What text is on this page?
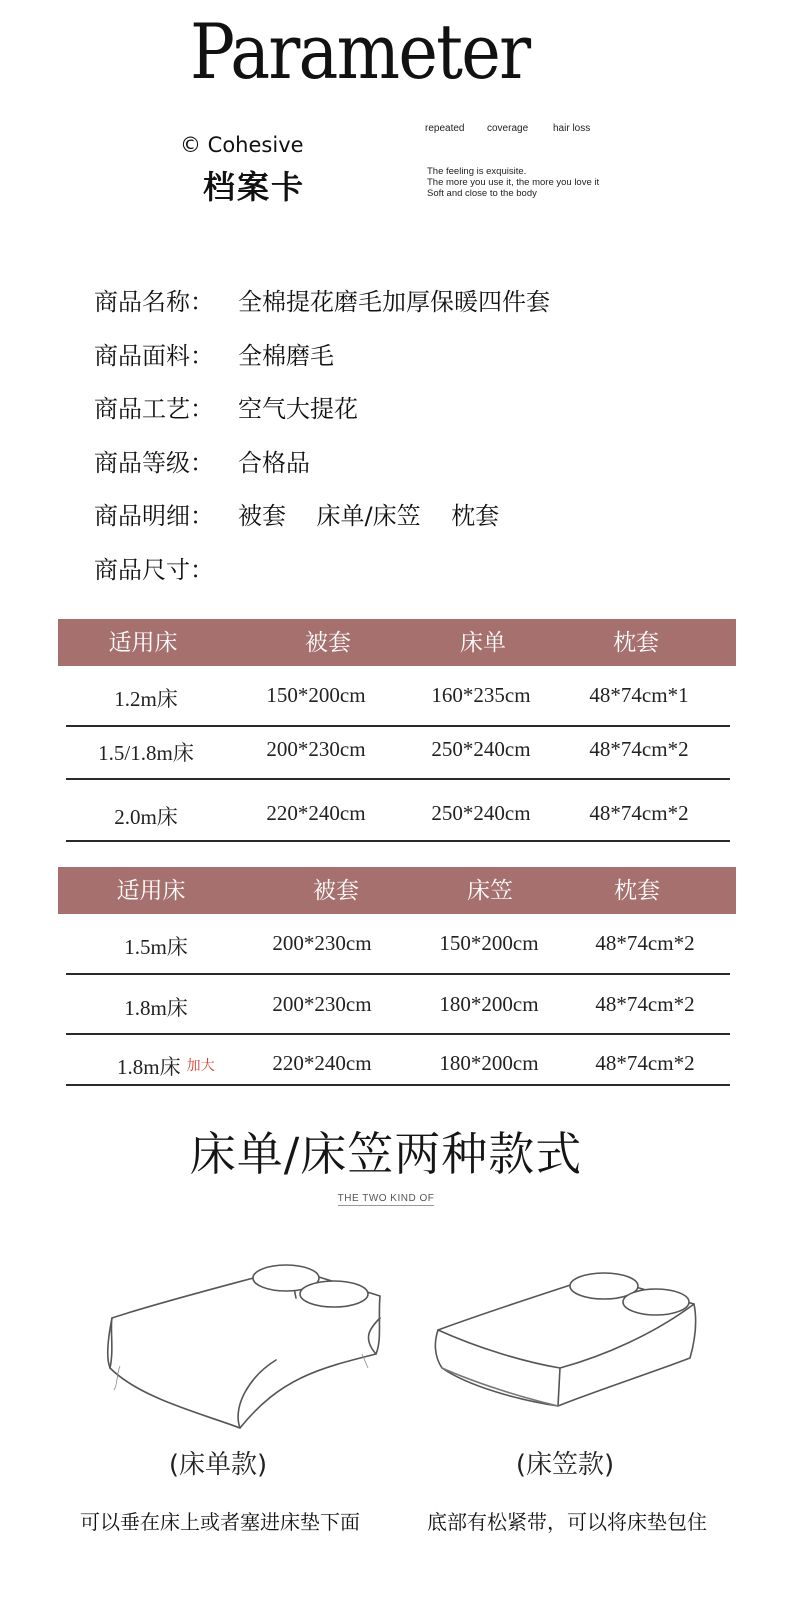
Parameter
© Cohesive
档案卡
repeated	coverage	hair loss
The feeling is exquisite.
The more you use it, the more you love it
Soft and close to the body
商品名称： 全棉提花磨毛加厚保暖四件套
商品面料： 全棉磨毛
商品工艺： 空气大提花
商品等级： 合格品
商品明细： 被套    床单/床笠    枕套
商品尺寸：
适用床	被套	床单	枕套
1.2m床	150*200cm	160*235cm	48*74cm*1
1.5/1.8m床	200*230cm	250*240cm	48*74cm*2
2.0m床	220*240cm	250*240cm	48*74cm*2
适用床	被套	床笠	枕套
1.5m床	200*230cm	150*200cm	48*74cm*2
1.8m床	200*230cm	180*200cm	48*74cm*2
1.8m床 加大	220*240cm	180*200cm	48*74cm*2
床单/床笠两种款式
THE TWO KIND OF
(床单款)	(床笠款)
可以垂在床上或者塞进床垫下面	底部有松紧带，可以将床垫包住
